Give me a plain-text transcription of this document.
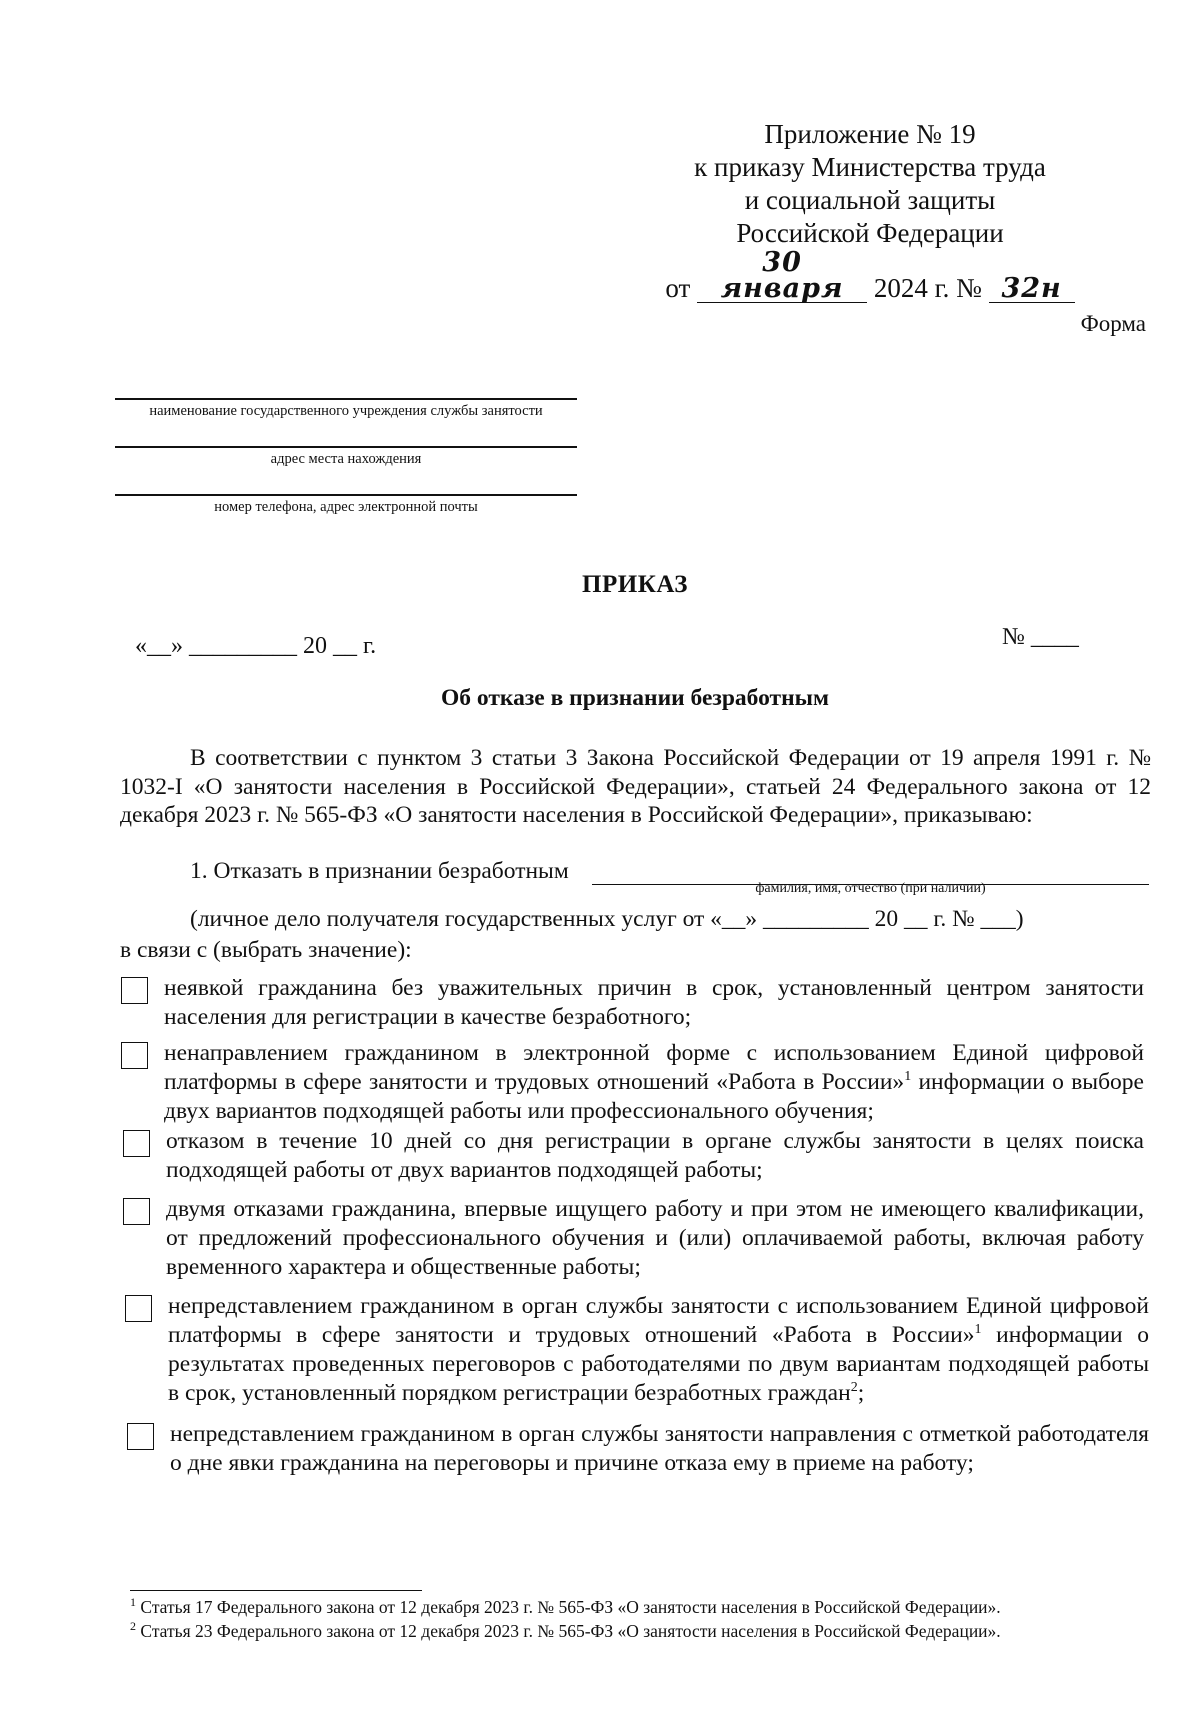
Приложение № 19
к приказу Министерства труда
и социальной защиты
Российской Федерации
от 30 января 2024 г. № 32н
Форма
наименование государственного учреждения службы занятости
адрес места нахождения
номер телефона, адрес электронной почты
ПРИКАЗ
«__» _________ 20 __ г.	№ ____
Об отказе в признании безработным
В соответствии с пунктом 3 статьи 3 Закона Российской Федерации от 19 апреля 1991 г. № 1032-I «О занятости населения в Российской Федерации», статьей 24 Федерального закона от 12 декабря 2023 г. № 565-ФЗ «О занятости населения в Российской Федерации», приказываю:
1. Отказать в признании безработным
фамилия, имя, отчество (при наличии)
(личное дело получателя государственных услуг от «__» _________ 20 __ г. № ___)
в связи с (выбрать значение):
неявкой гражданина без уважительных причин в срок, установленный центром занятости населения для регистрации в качестве безработного;
ненаправлением гражданином в электронной форме с использованием Единой цифровой платформы в сфере занятости и трудовых отношений «Работа в России»$^1$ информации о выборе двух вариантов подходящей работы или профессионального обучения;
отказом в течение 10 дней со дня регистрации в органе службы занятости в целях поиска подходящей работы от двух вариантов подходящей работы;
двумя отказами гражданина, впервые ищущего работу и при этом не имеющего квалификации, от предложений профессионального обучения и (или) оплачиваемой работы, включая работу временного характера и общественные работы;
непредставлением гражданином в орган службы занятости с использованием Единой цифровой платформы в сфере занятости и трудовых отношений «Работа в России»$^1$ информации о результатах проведенных переговоров с работодателями по двум вариантам подходящей работы в срок, установленный порядком регистрации безработных граждан$^2$;
непредставлением гражданином в орган службы занятости направления с отметкой работодателя о дне явки гражданина на переговоры и причине отказа ему в приеме на работу;
$^1$ Статья 17 Федерального закона от 12 декабря 2023 г. № 565-ФЗ «О занятости населения в Российской Федерации».
$^2$ Статья 23 Федерального закона от 12 декабря 2023 г. № 565-ФЗ «О занятости населения в Российской Федерации».
